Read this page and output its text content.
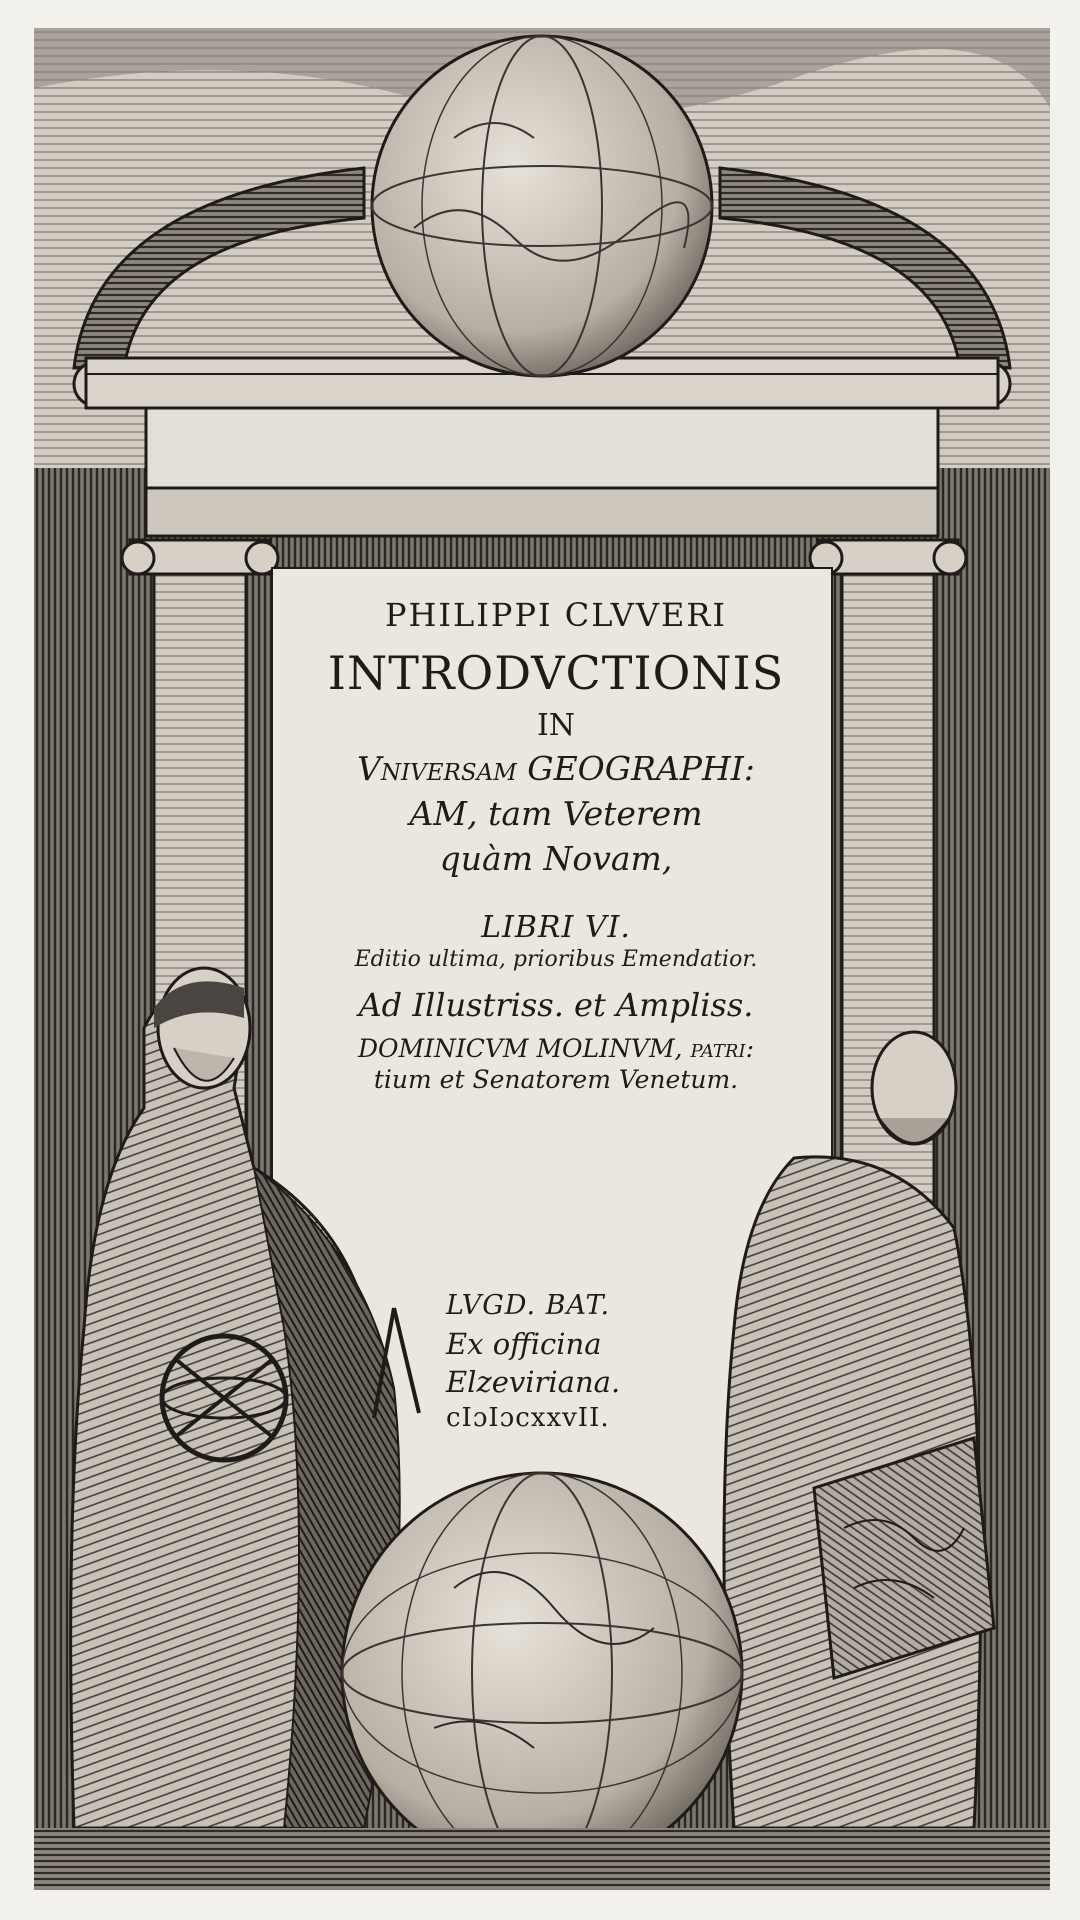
PHILIPPI CLVVERI
INTRODVCTIONIS
IN
Vniversam GEOGRAPHI:
AM, tam Veterem
quàm Novam,
LIBRI VI.
Editio ultima, prioribus Emendatior.
Ad Illustriss. et Ampliss.
DOMINICVM MOLINVM, patri:
tium et Senatorem Venetum.
LVGD. BAT.
Ex officina
Elzeviriana.
cIɔIɔcxxvII.
